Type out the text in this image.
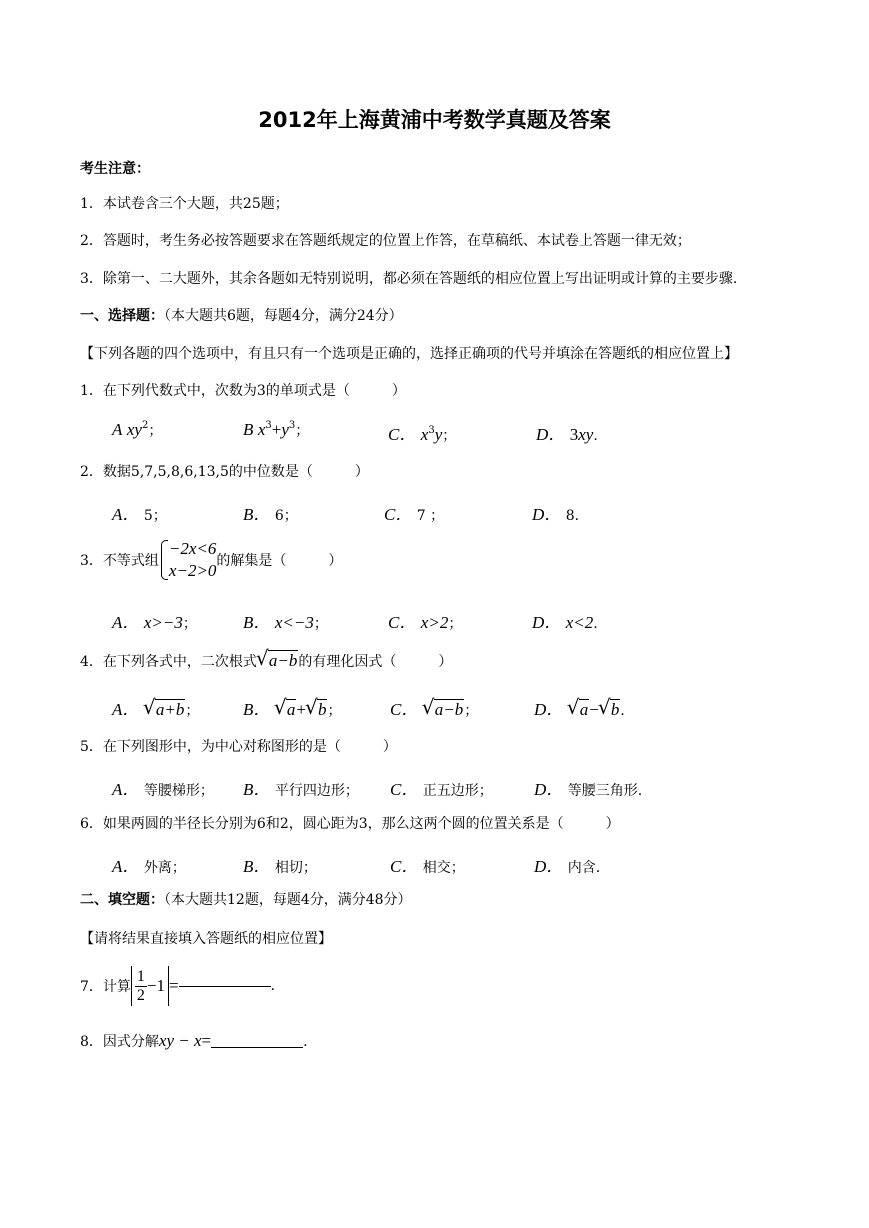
2012年上海黄浦中考数学真题及答案
考生注意：
1．本试卷含三个大题，共25题；
2．答题时，考生务必按答题要求在答题纸规定的位置上作答，在草稿纸、本试卷上答题一律无效；
3．除第一、二大题外，其余各题如无特别说明，都必须在答题纸的相应位置上写出证明或计算的主要步骤.
一、选择题：（本大题共6题，每题4分，满分24分）
【下列各题的四个选项中，有且只有一个选项是正确的，选择正确项的代号并填涂在答题纸的相应位置上】
1．在下列代数式中，次数为3的单项式是（　　　）
A $xy^2$；	B $x^3+y^3$；	C． $x^3y$；	D． 3xy.
2．数据5,7,5,8,6,13,5的中位数是（　　　）
A． 5；	B． 6；	C． 7 ；	D． 8.
3．不等式组
−2x<6
x−2>0 的解集是（　　　）
A． x>−3；	B． x<−3；	C． x>2；	D． x<2.
4．在下列各式中，二次根式 √ a−b的有理化因式（　　　）
A． √ a+b；	B． √ a+ √ b；	C． √ a−b；	D． √ a− √ b.
5．在下列图形中，为中心对称图形的是（　　　）
A． 等腰梯形； B． 平行四边形； C． 正五边形； D． 等腰三角形.
6．如果两圆的半径长分别为6和2，圆心距为3，那么这两个圆的位置关系是（　　　）
A． 外离；	B． 相切；	C． 相交；	D． 内含.
二、填空题：（本大题共12题，每题4分，满分48分）
【请将结果直接填入答题纸的相应位置】
7．计算 $\frac{1}{2} -1$ =	.
8．因式分解xy − x=	.
